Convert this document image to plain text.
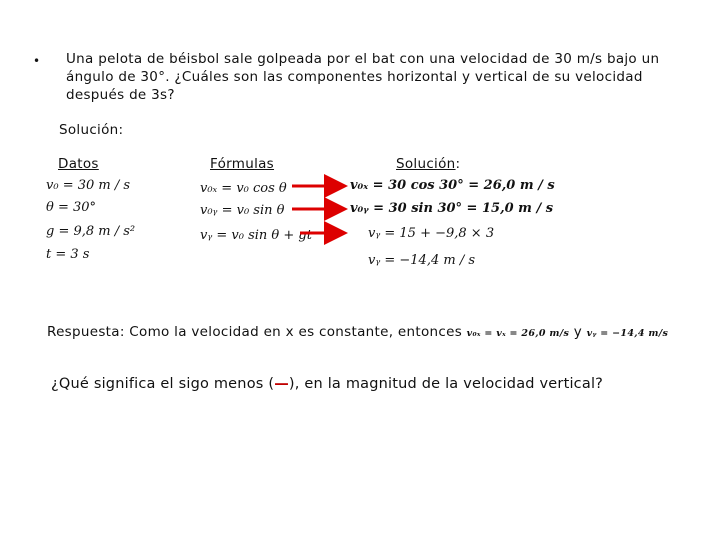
• Una pelota de béisbol sale golpeada por el bat con una velocidad de 30 m/s bajo un ángulo de 30°. ¿Cuáles son las componentes horizontal y vertical de su velocidad después de 3s?
Solución:
Datos	Fórmulas	Solución:
v₀ = 30 m / s
θ = 30°
g = 9,8 m / s²
t = 3 s
v₀ₓ = v₀ cos θ
v₀ᵧ = v₀ sin θ
vᵧ = v₀ sin θ + gt
v₀ₓ = 30 cos 30° = 26,0 m / s
v₀ᵧ = 30 sin 30° = 15,0 m / s
vᵧ = 15 + −9,8 × 3
vᵧ = −14,4 m / s
Respuesta: Como la velocidad en x es constante, entonces v₀ₓ = vₓ = 26,0 m/s y vᵧ = −14,4 m/s
¿Qué significa el sigo menos (—), en la magnitud de la velocidad vertical?
